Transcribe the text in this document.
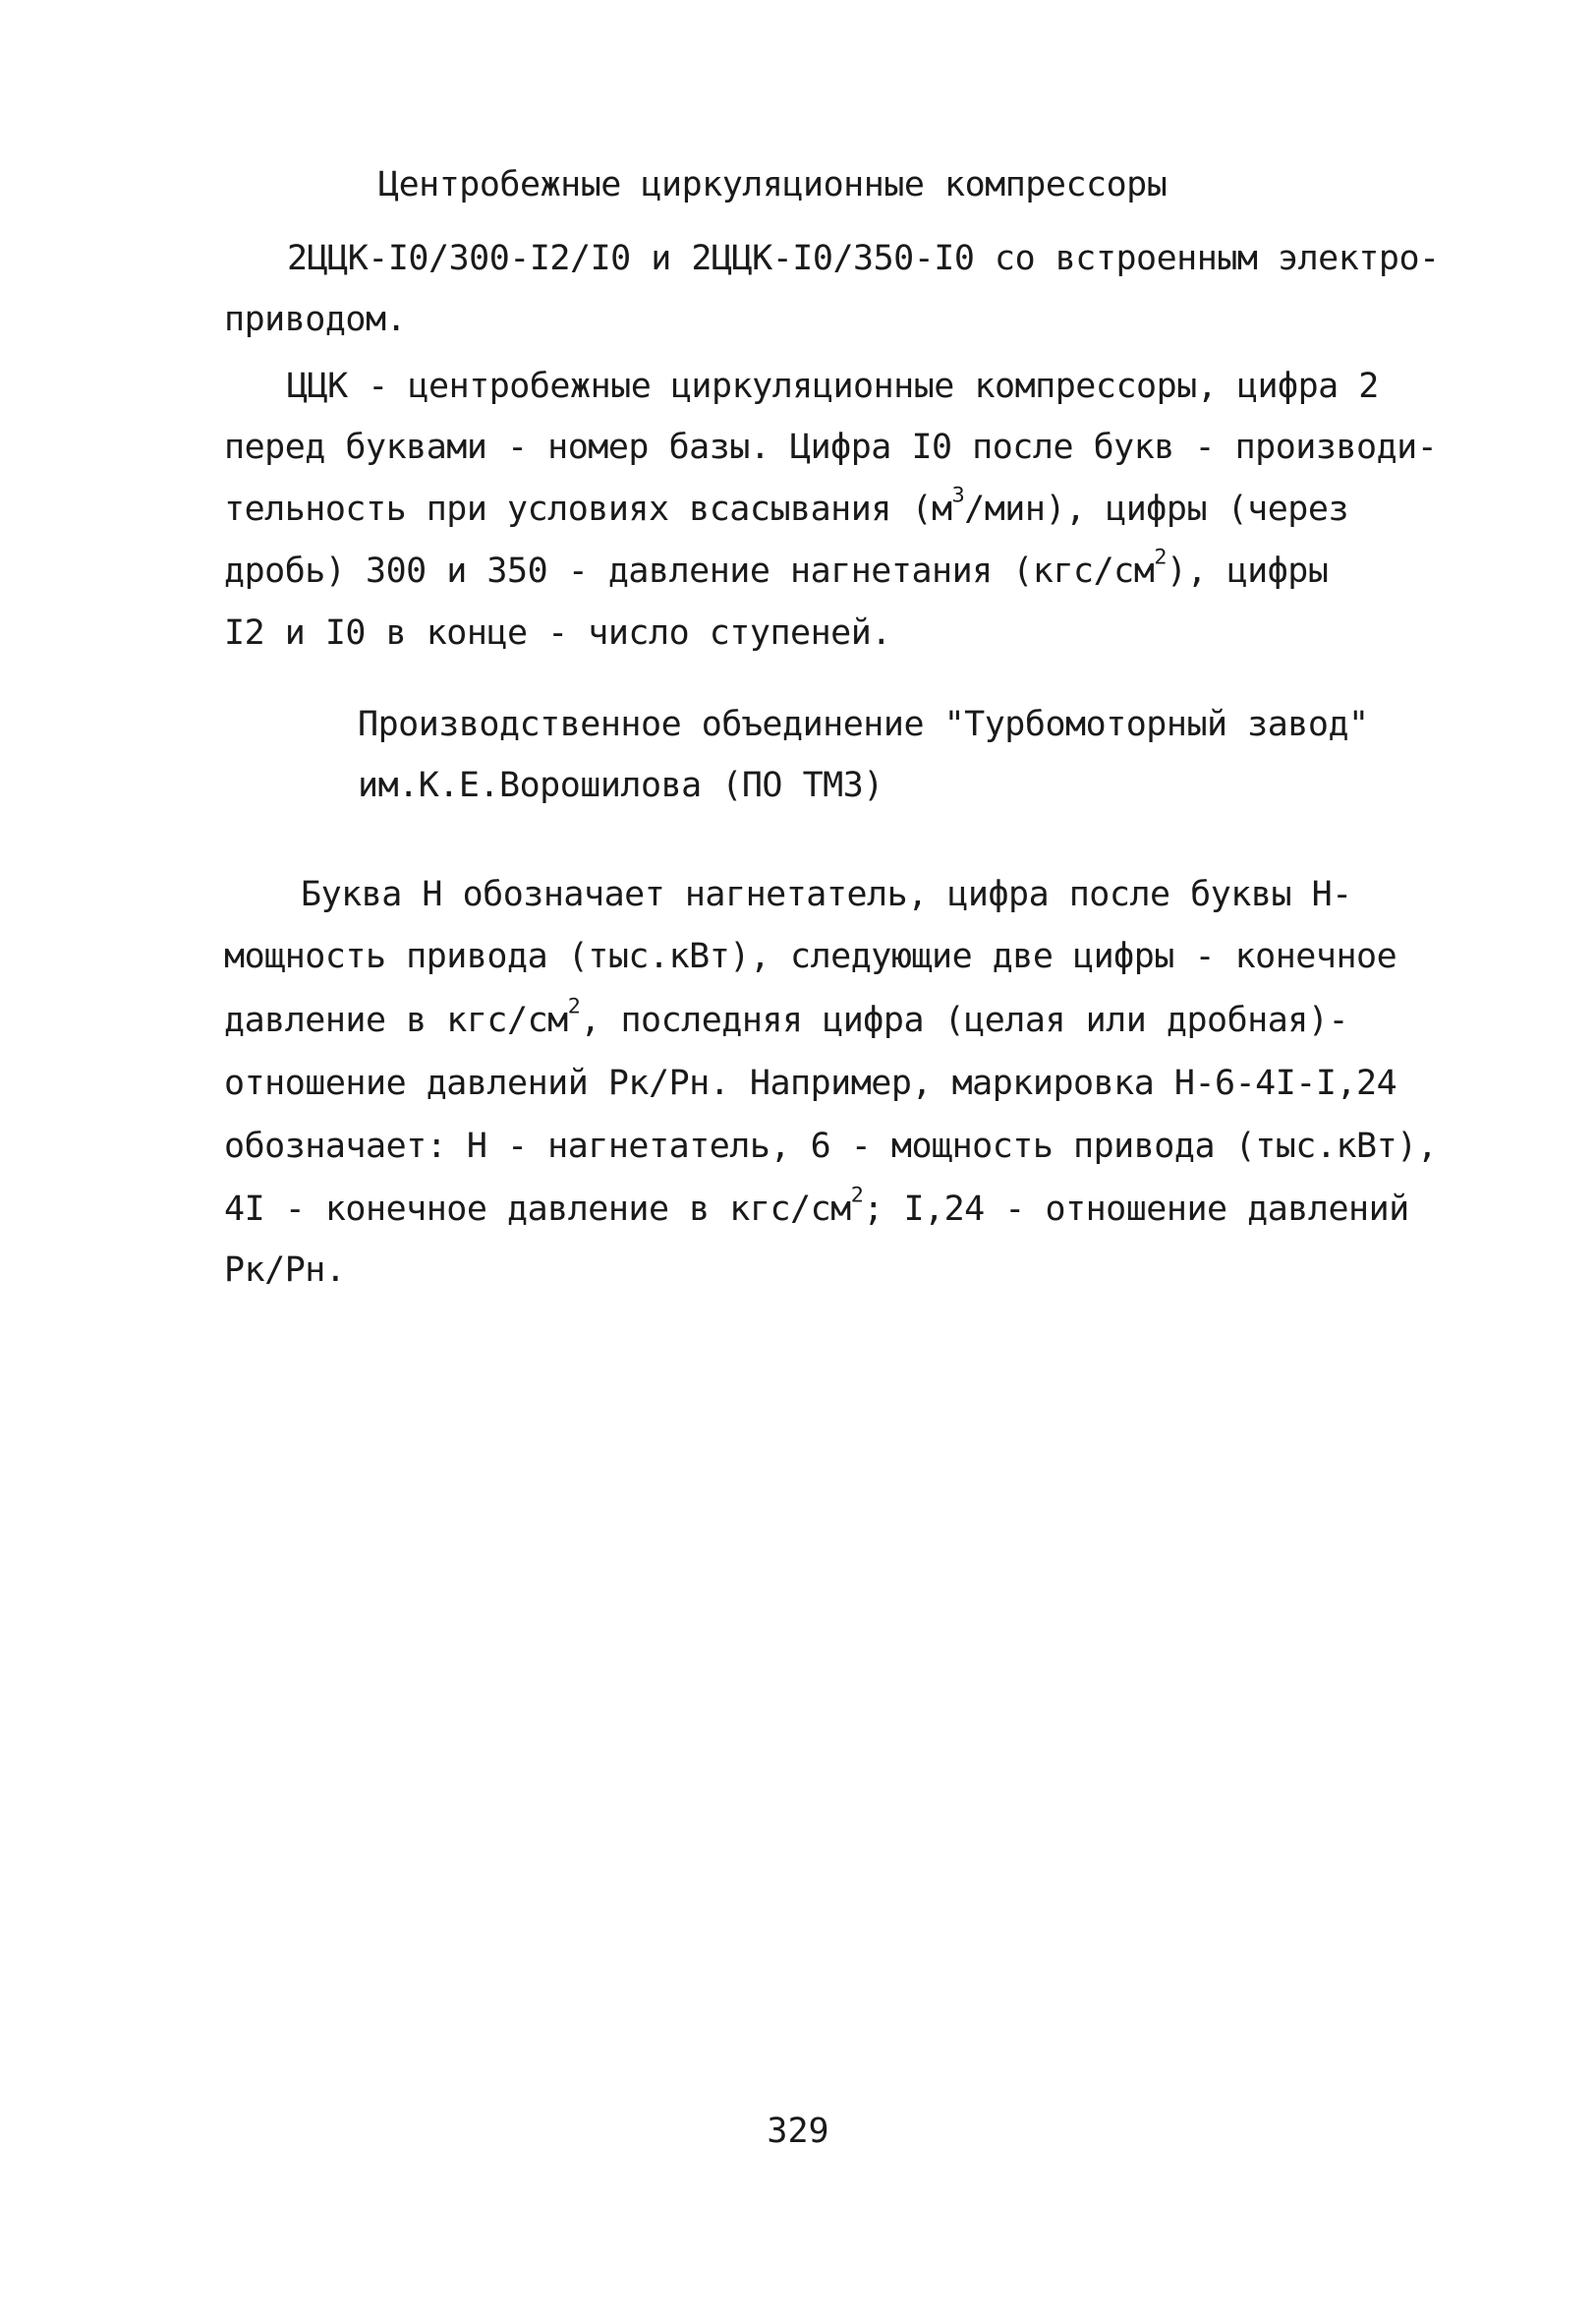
Центробежные циркуляционные компрессоры
2ЦЦК-I0/300-I2/I0 и 2ЦЦК-I0/350-I0 со встроенным электро-
приводом.
ЦЦК - центробежные циркуляционные компрессоры, цифра 2
перед буквами - номер базы. Цифра I0 после букв - производи-
тельность при условиях всасывания $(м^3/мин)$, цифры (через
дробь) 300 и 350 - давление нагнетания $(кгс/см^2)$, цифры
I2 и I0 в конце - число ступеней.
Производственное объединение "Турбомоторный завод"
им.К.Е.Ворошилова (ПО ТМЗ)
Буква Н обозначает нагнетатель, цифра после буквы Н-
мощность привода (тыс.кВт), следующие две цифры - конечное
давление в кгс/$см^2$, последняя цифра (целая или дробная)-
отношение давлений Рк/Рн. Например, маркировка Н-6-4I-I,24
обозначает: Н - нагнетатель, 6 - мощность привода (тыс.кВт),
4I - конечное давление в кгс/$см^2$; I,24 - отношение давлений
Рк/Рн.
329
